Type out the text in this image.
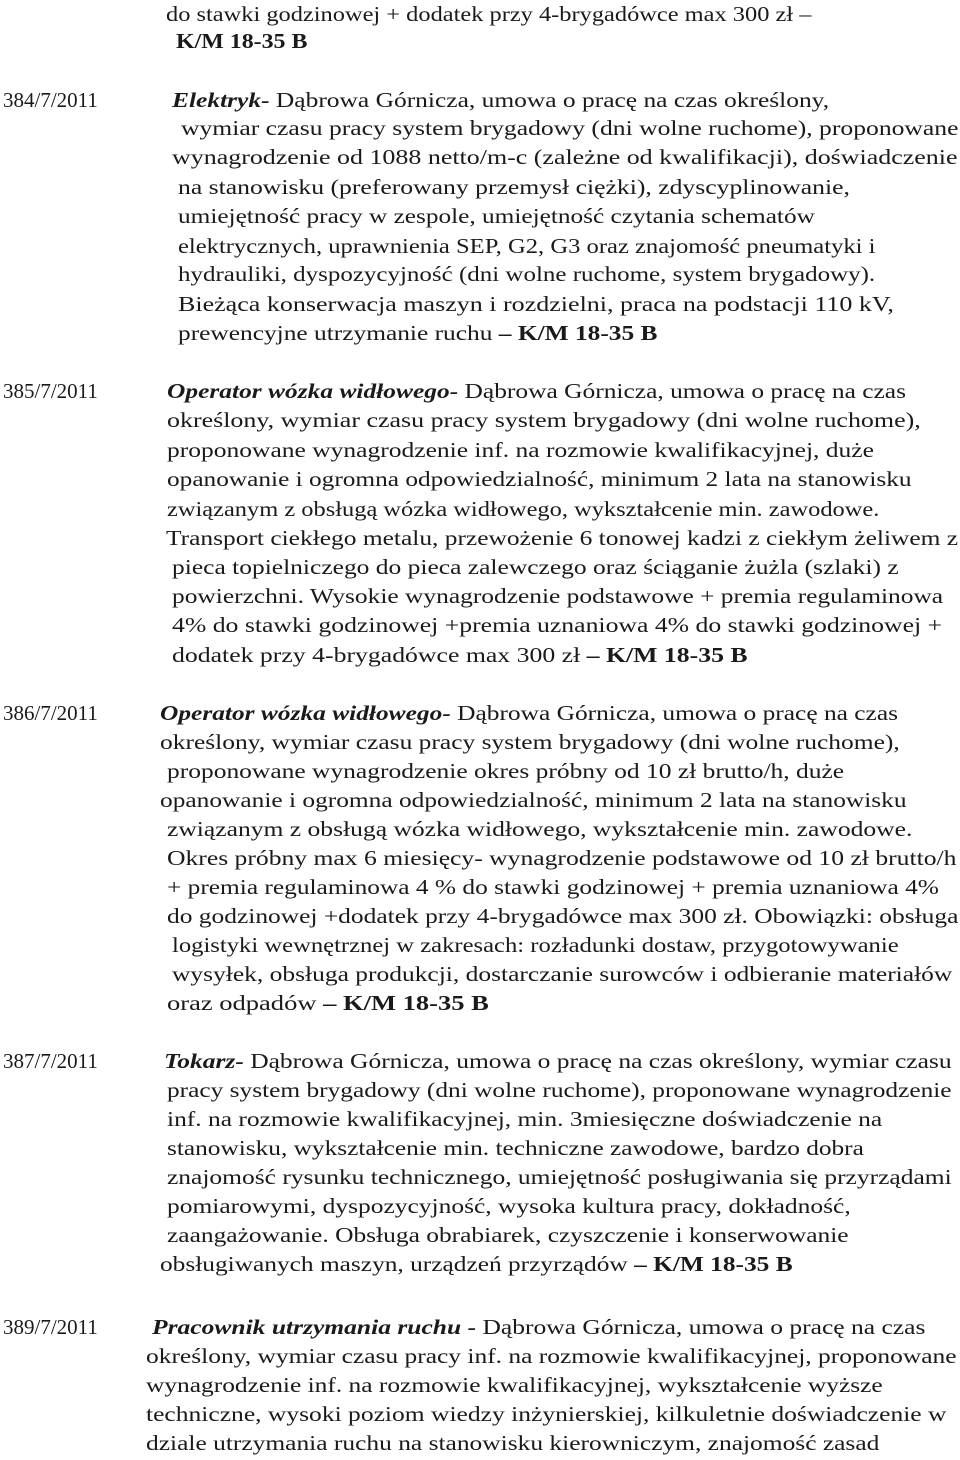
do stawki godzinowej + dodatek przy 4-brygadówce max 300 zł –
K/M 18-35 B
384/7/2011	Elektryk- Dąbrowa Górnicza, umowa o pracę na czas określony,
wymiar czasu pracy system brygadowy (dni wolne ruchome), proponowane
wynagrodzenie od 1088 netto/m-c (zależne od kwalifikacji), doświadczenie
na stanowisku (preferowany przemysł ciężki), zdyscyplinowanie,
umiejętność pracy w zespole, umiejętność czytania schematów
elektrycznych, uprawnienia SEP, G2, G3 oraz znajomość pneumatyki i
hydrauliki, dyspozycyjność (dni wolne ruchome, system brygadowy).
Bieżąca konserwacja maszyn i rozdzielni, praca na podstacji 110 kV,
prewencyjne utrzymanie ruchu – K/M 18-35 B
385/7/2011	Operator wózka widłowego- Dąbrowa Górnicza, umowa o pracę na czas
określony, wymiar czasu pracy system brygadowy (dni wolne ruchome),
proponowane wynagrodzenie inf. na rozmowie kwalifikacyjnej, duże
opanowanie i ogromna odpowiedzialność, minimum 2 lata na stanowisku
związanym z obsługą wózka widłowego, wykształcenie min. zawodowe.
Transport ciekłego metalu, przewożenie 6 tonowej kadzi z ciekłym żeliwem z
pieca topielniczego do pieca zalewczego oraz ściąganie żużla (szlaki) z
powierzchni. Wysokie wynagrodzenie podstawowe + premia regulaminowa
4% do stawki godzinowej +premia uznaniowa 4% do stawki godzinowej +
dodatek przy 4-brygadówce max 300 zł – K/M 18-35 B
386/7/2011	Operator wózka widłowego- Dąbrowa Górnicza, umowa o pracę na czas
określony, wymiar czasu pracy system brygadowy (dni wolne ruchome),
proponowane wynagrodzenie okres próbny od 10 zł brutto/h, duże
opanowanie i ogromna odpowiedzialność, minimum 2 lata na stanowisku
związanym z obsługą wózka widłowego, wykształcenie min. zawodowe.
Okres próbny max 6 miesięcy- wynagrodzenie podstawowe od 10 zł brutto/h
+ premia regulaminowa 4 % do stawki godzinowej + premia uznaniowa 4%
do godzinowej +dodatek przy 4-brygadówce max 300 zł. Obowiązki: obsługa
logistyki wewnętrznej w zakresach: rozładunki dostaw, przygotowywanie
wysyłek, obsługa produkcji, dostarczanie surowców i odbieranie materiałów
oraz odpadów – K/M 18-35 B
387/7/2011	Tokarz- Dąbrowa Górnicza, umowa o pracę na czas określony, wymiar czasu
pracy system brygadowy (dni wolne ruchome), proponowane wynagrodzenie
inf. na rozmowie kwalifikacyjnej, min. 3miesięczne doświadczenie na
stanowisku, wykształcenie min. techniczne zawodowe, bardzo dobra
znajomość rysunku technicznego, umiejętność posługiwania się przyrządami
pomiarowymi, dyspozycyjność, wysoka kultura pracy, dokładność,
zaangażowanie. Obsługa obrabiarek, czyszczenie i konserwowanie
obsługiwanych maszyn, urządzeń przyrządów – K/M 18-35 B
389/7/2011	Pracownik utrzymania ruchu - Dąbrowa Górnicza, umowa o pracę na czas
określony, wymiar czasu pracy inf. na rozmowie kwalifikacyjnej, proponowane
wynagrodzenie inf. na rozmowie kwalifikacyjnej, wykształcenie wyższe
techniczne, wysoki poziom wiedzy inżynierskiej, kilkuletnie doświadczenie w
dziale utrzymania ruchu na stanowisku kierowniczym, znajomość zasad
